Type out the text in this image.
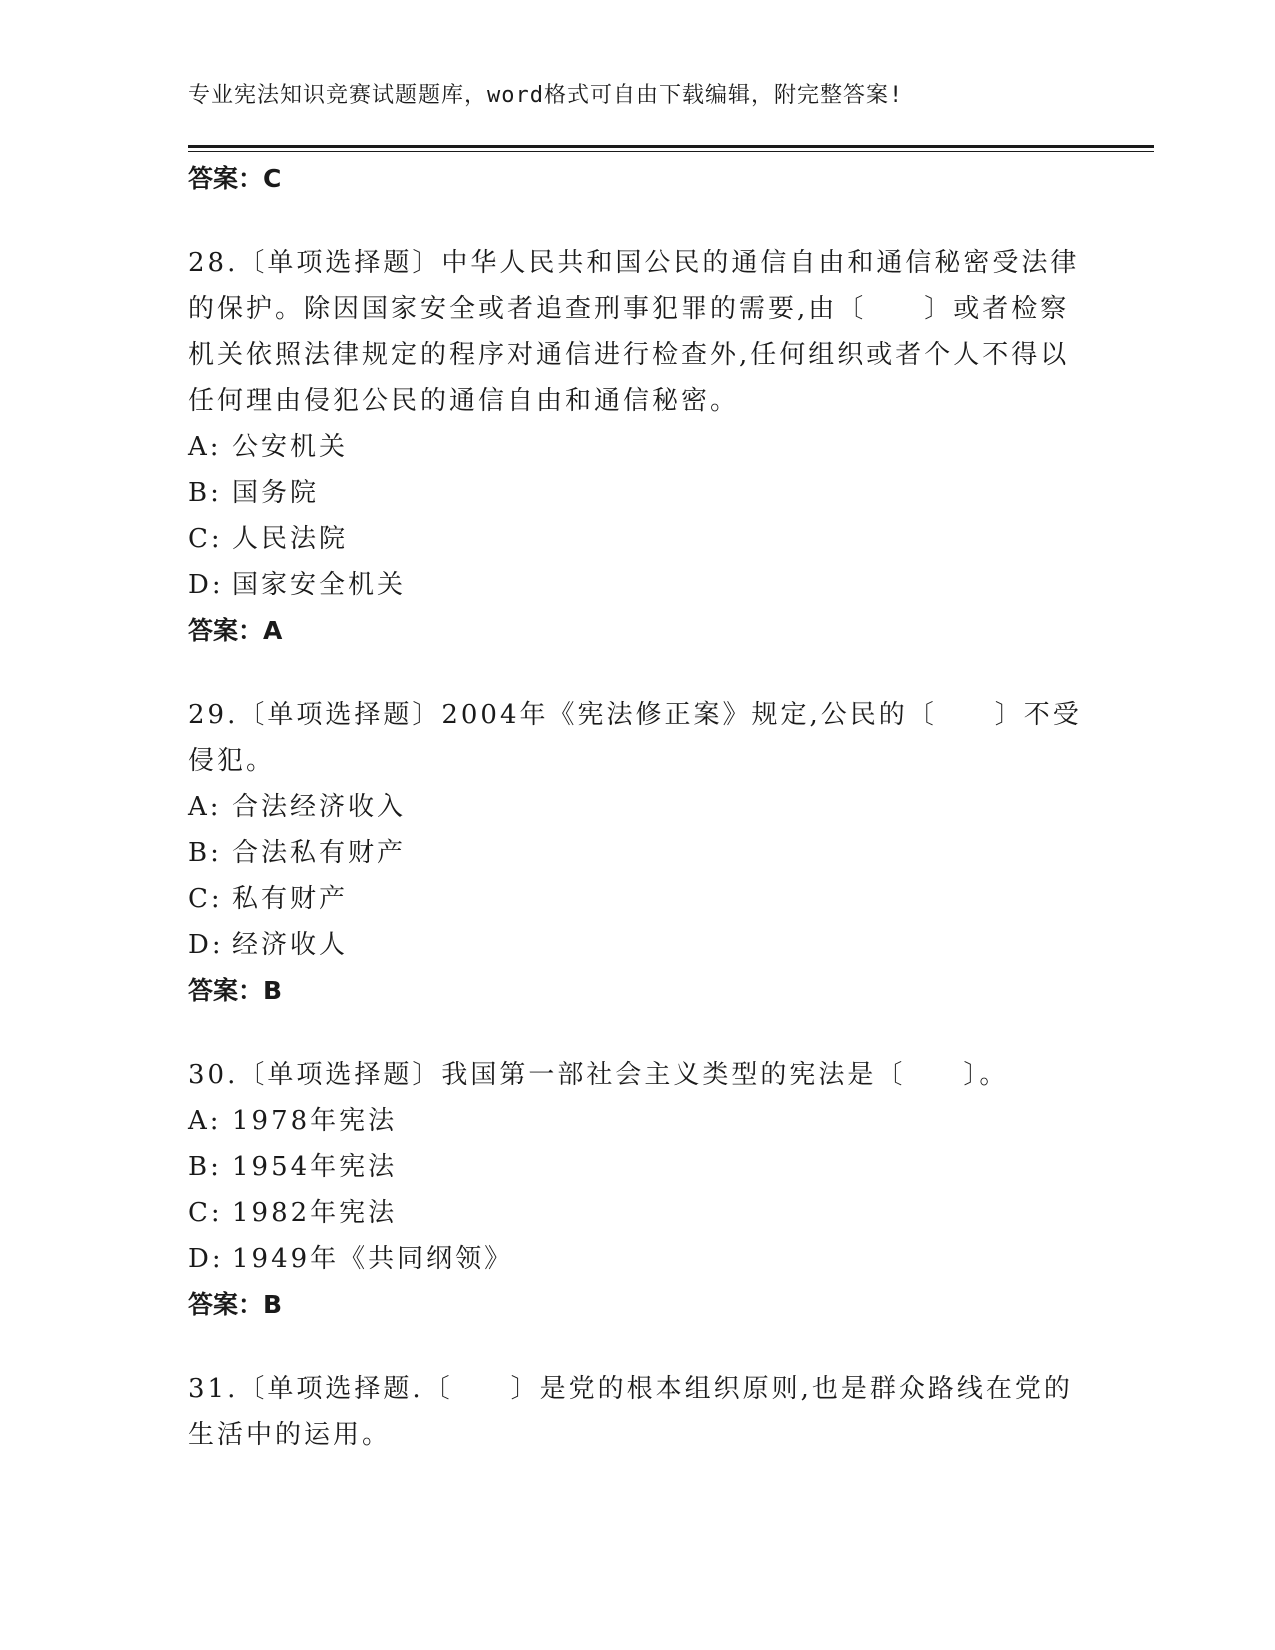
专业宪法知识竞赛试题题库，word格式可自由下载编辑，附完整答案!
答案：C
28.〔单项选择题〕中华人民共和国公民的通信自由和通信秘密受法律的保护。除因国家安全或者追查刑事犯罪的需要,由〔　　〕或者检察机关依照法律规定的程序对通信进行检查外,任何组织或者个人不得以任何理由侵犯公民的通信自由和通信秘密。
A: 公安机关
B: 国务院
C: 人民法院
D: 国家安全机关
答案：A
29.〔单项选择题〕2004年《宪法修正案》规定,公民的〔　　〕不受侵犯。
A: 合法经济收入
B: 合法私有财产
C: 私有财产
D: 经济收人
答案：B
30.〔单项选择题〕我国第一部社会主义类型的宪法是〔　　〕。
A: 1978年宪法
B: 1954年宪法
C: 1982年宪法
D: 1949年《共同纲领》
答案：B
31.〔单项选择题.〔　　〕是党的根本组织原则,也是群众路线在党的生活中的运用。
